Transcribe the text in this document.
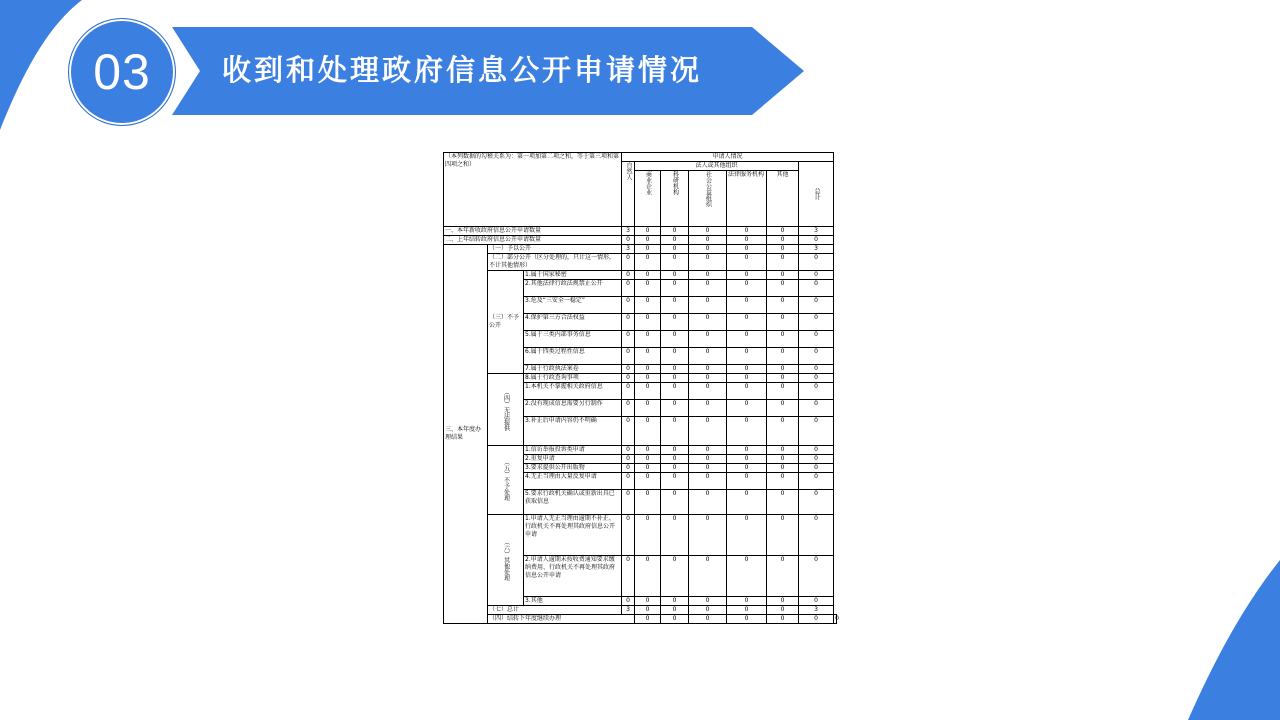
03 收到和处理政府信息公开申请情况
（本列数据的勾稽关系为：第一项加第二项之和，等于第三项和第四项之和）			申请人情况							

			自然人	法人或其他组织					总计	

				商业企业	科研机构	社会公益组织	法律服务机构	其他		
一、本年新收政府信息公开申请数量			3	0	0	0	0	0	3	
二、上年结转政府信息公开申请数量			0	0	0	0	0	0	0	
三、本年度办理结果	（一）予以公开		3	0	0	0	0	0	3	
	（二）部分公开（区分处理的，只计这一情形，不计其他情形）		0	0	0	0	0	0	0	
	（三）不予公开	1.属于国家秘密	0	0	0	0	0	0	0	
		2.其他法律行政法规禁止公开	0	0	0	0	0	0	0	
		3.危及“三安全一稳定”	0	0	0	0	0	0	0	
		4.保护第三方合法权益	0	0	0	0	0	0	0	
		5.属于三类内部事务信息	0	0	0	0	0	0	0	
		6.属于四类过程性信息	0	0	0	0	0	0	0	
		7.属于行政执法案卷	0	0	0	0	0	0	0	

	（四）无法提供	8.属于行政查询事项	0	0	0	0	0	0	0	
		1.本机关不掌握相关政府信息	0	0	0	0	0	0	0	
		2.没有现成信息需要另行制作	0	0	0	0	0	0	0	
		3.补正后申请内容仍不明确	0	0	0	0	0	0	0	

	（五）不予处理	1.信访举报投诉类申请	0	0	0	0	0	0	0	
		2.重复申请	0	0	0	0	0	0	0	
		3.要求提供公开出版物	0	0	0	0	0	0	0	
		4.无正当理由大量反复申请	0	0	0	0	0	0	0	
		5.要求行政机关确认或重新出具已获取信息	0	0	0	0	0	0	0	

	（六）其他处理	1.申请人无正当理由逾期不补正、行政机关不再处理其政府信息公开申请	0	0	0	0	0	0	0	
		2.申请人逾期未按收费通知要求缴纳费用、行政机关不再处理其政府信息公开申请	0	0	0	0	0	0	0	
		3.其他	0	0	0	0	0	0	0	
	（七）总计		3	0	0	0	0	0	3	
	（四）结转下年度继续办理			0	0	0	0	0	0	0
